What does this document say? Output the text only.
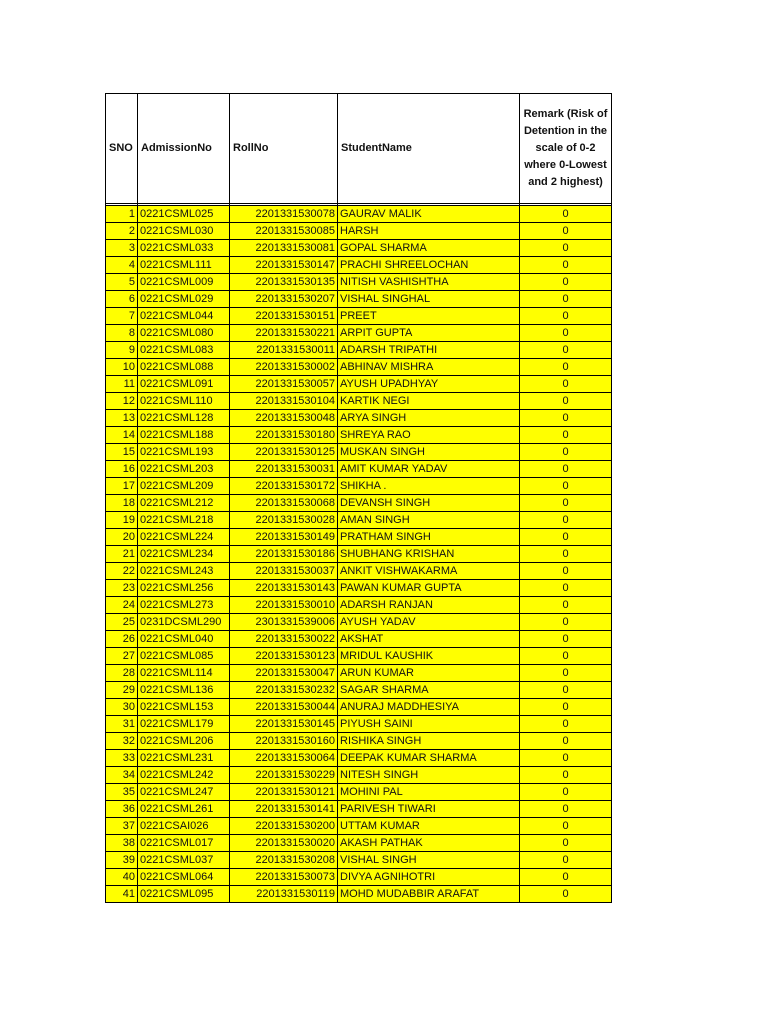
SNO	AdmissionNo	RollNo	StudentName	Remark (Risk of Detention in the scale of 0-2 where 0-Lowest and 2 highest)

1	0221CSML025	2201331530078	GAURAV MALIK	0
2	0221CSML030	2201331530085	HARSH	0
3	0221CSML033	2201331530081	GOPAL SHARMA	0
4	0221CSML111	2201331530147	PRACHI SHREELOCHAN	0
5	0221CSML009	2201331530135	NITISH VASHISHTHA	0
6	0221CSML029	2201331530207	VISHAL SINGHAL	0
7	0221CSML044	2201331530151	PREET	0
8	0221CSML080	2201331530221	ARPIT GUPTA	0
9	0221CSML083	2201331530011	ADARSH TRIPATHI	0
10	0221CSML088	2201331530002	ABHINAV MISHRA	0
11	0221CSML091	2201331530057	AYUSH UPADHYAY	0
12	0221CSML110	2201331530104	KARTIK NEGI	0
13	0221CSML128	2201331530048	ARYA SINGH	0
14	0221CSML188	2201331530180	SHREYA RAO	0
15	0221CSML193	2201331530125	MUSKAN SINGH	0
16	0221CSML203	2201331530031	AMIT KUMAR YADAV	0
17	0221CSML209	2201331530172	SHIKHA .	0
18	0221CSML212	2201331530068	DEVANSH SINGH	0
19	0221CSML218	2201331530028	AMAN SINGH	0
20	0221CSML224	2201331530149	PRATHAM SINGH	0
21	0221CSML234	2201331530186	SHUBHANG KRISHAN	0
22	0221CSML243	2201331530037	ANKIT VISHWAKARMA	0
23	0221CSML256	2201331530143	PAWAN KUMAR GUPTA	0
24	0221CSML273	2201331530010	ADARSH RANJAN	0
25	0231DCSML290	2301331539006	AYUSH YADAV	0
26	0221CSML040	2201331530022	AKSHAT	0
27	0221CSML085	2201331530123	MRIDUL KAUSHIK	0
28	0221CSML114	2201331530047	ARUN KUMAR	0
29	0221CSML136	2201331530232	SAGAR SHARMA	0
30	0221CSML153	2201331530044	ANURAJ MADDHESIYA	0
31	0221CSML179	2201331530145	PIYUSH SAINI	0
32	0221CSML206	2201331530160	RISHIKA SINGH	0
33	0221CSML231	2201331530064	DEEPAK KUMAR SHARMA	0
34	0221CSML242	2201331530229	NITESH SINGH	0
35	0221CSML247	2201331530121	MOHINI PAL	0
36	0221CSML261	2201331530141	PARIVESH TIWARI	0
37	0221CSAI026	2201331530200	UTTAM KUMAR	0
38	0221CSML017	2201331530020	AKASH PATHAK	0
39	0221CSML037	2201331530208	VISHAL SINGH	0
40	0221CSML064	2201331530073	DIVYA AGNIHOTRI	0
41	0221CSML095	2201331530119	MOHD MUDABBIR ARAFAT	0
